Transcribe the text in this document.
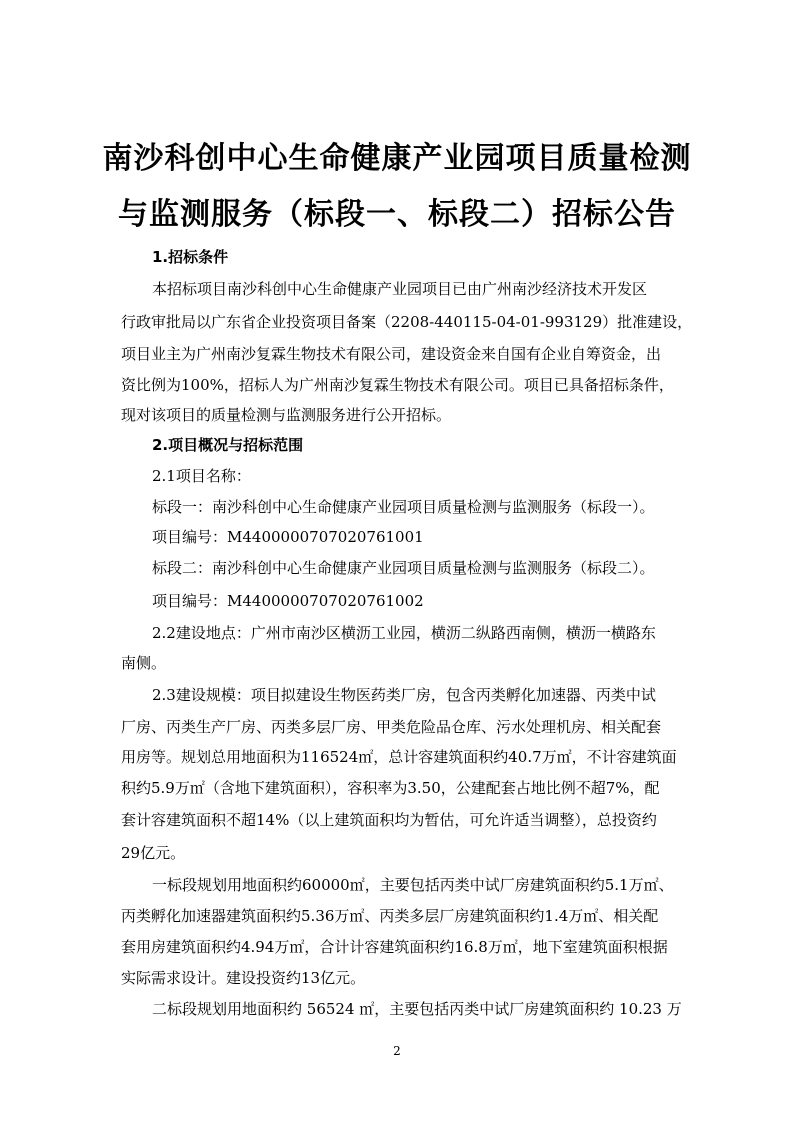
南沙科创中心生命健康产业园项目质量检测
与监测服务（标段一、标段二）招标公告
1.招标条件
本招标项目南沙科创中心生命健康产业园项目已由广州南沙经济技术开发区
行政审批局以广东省企业投资项目备案（2208-440115-04-01-993129）批准建设，
项目业主为广州南沙复霖生物技术有限公司，建设资金来自国有企业自筹资金，出
资比例为100%，招标人为广州南沙复霖生物技术有限公司。项目已具备招标条件，
现对该项目的质量检测与监测服务进行公开招标。
2.项目概况与招标范围
2.1项目名称：
标段一：南沙科创中心生命健康产业园项目质量检测与监测服务（标段一）。
项目编号：M4400000707020761001
标段二：南沙科创中心生命健康产业园项目质量检测与监测服务（标段二）。
项目编号：M4400000707020761002
2.2建设地点：广州市南沙区横沥工业园，横沥二纵路西南侧，横沥一横路东
南侧。
2.3建设规模：项目拟建设生物医药类厂房，包含丙类孵化加速器、丙类中试
厂房、丙类生产厂房、丙类多层厂房、甲类危险品仓库、污水处理机房、相关配套
用房等。规划总用地面积为116524㎡，总计容建筑面积约40.7万㎡，不计容建筑面
积约5.9万㎡（含地下建筑面积），容积率为3.50，公建配套占地比例不超7%，配
套计容建筑面积不超14%（以上建筑面积均为暂估，可允许适当调整），总投资约
29亿元。
一标段规划用地面积约60000㎡，主要包括丙类中试厂房建筑面积约5.1万㎡、
丙类孵化加速器建筑面积约5.36万㎡、丙类多层厂房建筑面积约1.4万㎡、相关配
套用房建筑面积约4.94万㎡，合计计容建筑面积约16.8万㎡，地下室建筑面积根据
实际需求设计。建设投资约13亿元。
二标段规划用地面积约 56524 ㎡，主要包括丙类中试厂房建筑面积约 10.23 万
2
